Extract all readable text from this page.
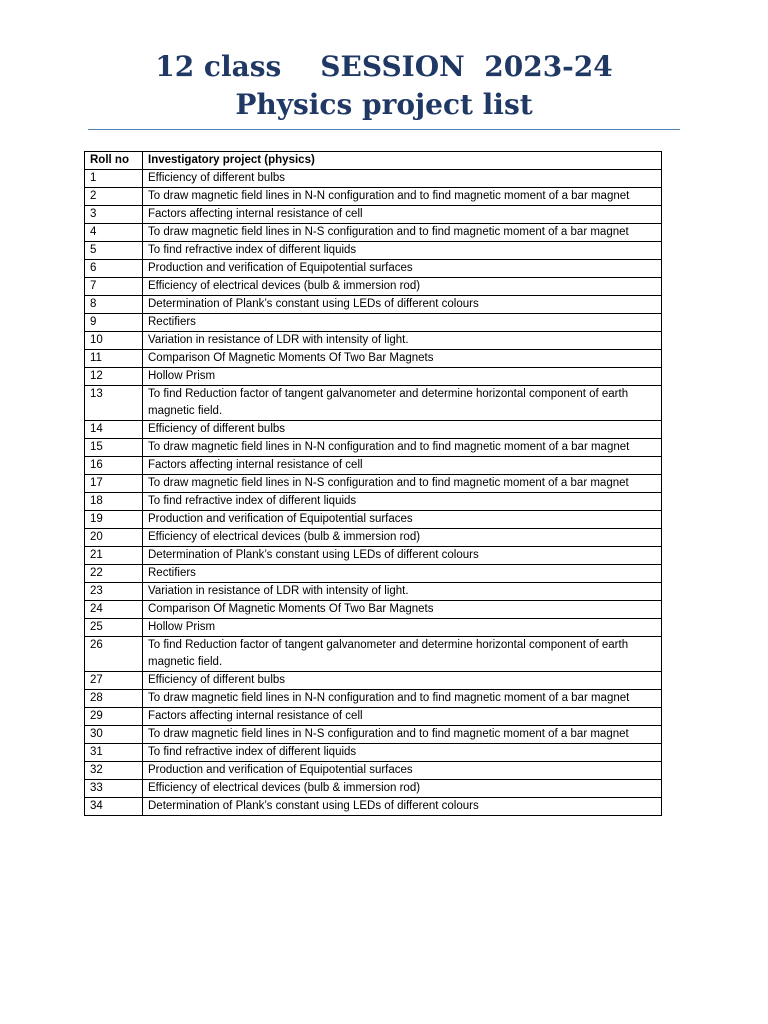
12 class    SESSION  2023-24
Physics project list
Roll no	Investigatory project (physics)
1	Efficiency of different bulbs
2	To draw magnetic field lines in N-N configuration and to find magnetic moment of a bar magnet
3	Factors affecting internal resistance of cell
4	To draw magnetic field lines in N-S configuration and to find magnetic moment of a bar magnet
5	To find refractive index of different liquids
6	Production and verification of Equipotential surfaces
7	Efficiency of electrical devices (bulb & immersion rod)
8	Determination of Plank’s constant using LEDs of different colours
9	Rectifiers
10	Variation in resistance of LDR with intensity of light.
11	Comparison Of Magnetic Moments Of Two Bar Magnets
12	Hollow Prism
13	To find Reduction factor of tangent galvanometer and determine horizontal component of earth magnetic field.
14	Efficiency of different bulbs
15	To draw magnetic field lines in N-N configuration and to find magnetic moment of a bar magnet
16	Factors affecting internal resistance of cell
17	To draw magnetic field lines in N-S configuration and to find magnetic moment of a bar magnet
18	To find refractive index of different liquids
19	Production and verification of Equipotential surfaces
20	Efficiency of electrical devices (bulb & immersion rod)
21	Determination of Plank’s constant using LEDs of different colours
22	Rectifiers
23	Variation in resistance of LDR with intensity of light.
24	Comparison Of Magnetic Moments Of Two Bar Magnets
25	Hollow Prism
26	To find Reduction factor of tangent galvanometer and determine horizontal component of earth magnetic field.
27	Efficiency of different bulbs
28	To draw magnetic field lines in N-N configuration and to find magnetic moment of a bar magnet
29	Factors affecting internal resistance of cell
30	To draw magnetic field lines in N-S configuration and to find magnetic moment of a bar magnet
31	To find refractive index of different liquids
32	Production and verification of Equipotential surfaces
33	Efficiency of electrical devices (bulb & immersion rod)
34	Determination of Plank’s constant using LEDs of different colours
